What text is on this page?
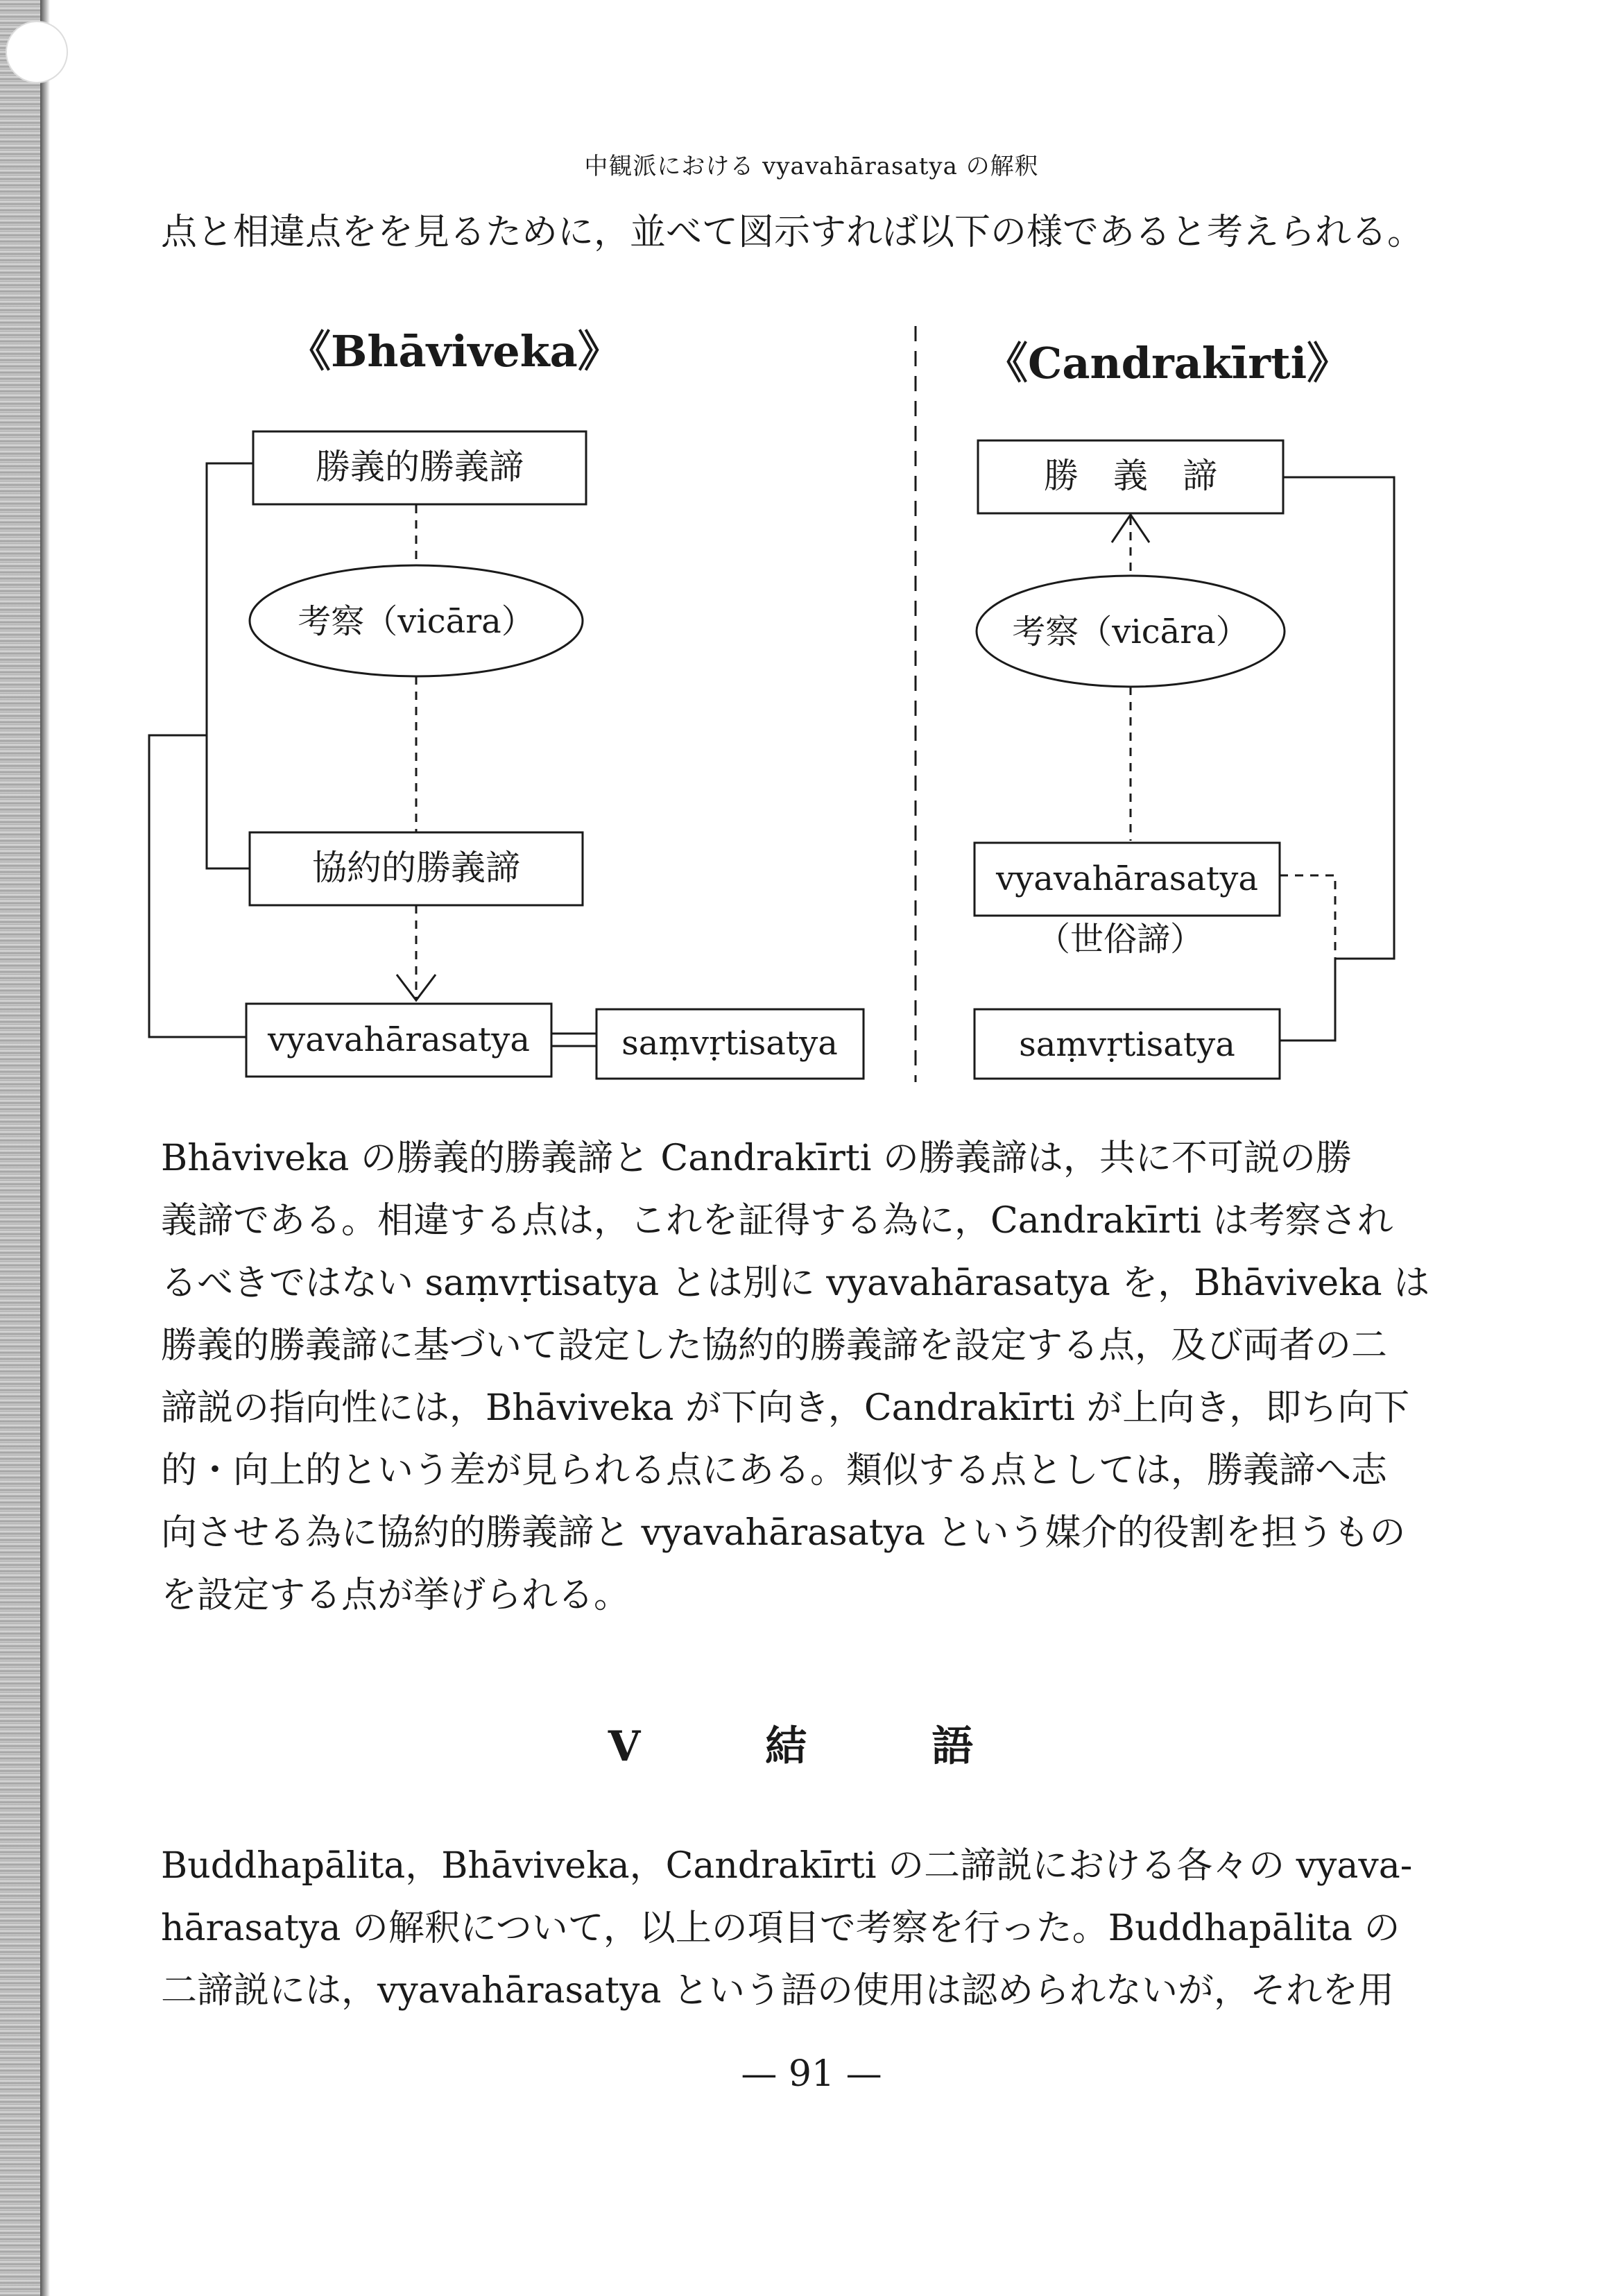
中観派における vyavahārasatya の解釈
点と相違点をを見るために，並べて図示すれば以下の様であると考えられる。
《Bhāviveka》	《Candrakīrti》
勝義的勝義諦
考察（vicāra）
協約的勝義諦
vyavahārasatya	saṃvṛtisatya
勝　義　諦
考察（vicāra）
vyavahārasatya
（世俗諦）
saṃvṛtisatya
Bhāviveka の勝義的勝義諦と Candrakīrti の勝義諦は，共に不可説の勝
義諦である。相違する点は，これを証得する為に，Candrakīrti は考察され
るべきではない saṃvṛtisatya とは別に vyavahārasatya を，Bhāviveka は
勝義的勝義諦に基づいて設定した協約的勝義諦を設定する点，及び両者の二
諦説の指向性には，Bhāviveka が下向き，Candrakīrti が上向き，即ち向下
的・向上的という差が見られる点にある。類似する点としては，勝義諦へ志
向させる為に協約的勝義諦と vyavahārasatya という媒介的役割を担うもの
を設定する点が挙げられる。
V　結　語
Buddhapālita，Bhāviveka，Candrakīrti の二諦説における各々の vyava-
hārasatya の解釈について，以上の項目で考察を行った。Buddhapālita の
二諦説には，vyavahārasatya という語の使用は認められないが，それを用
— 91 —
